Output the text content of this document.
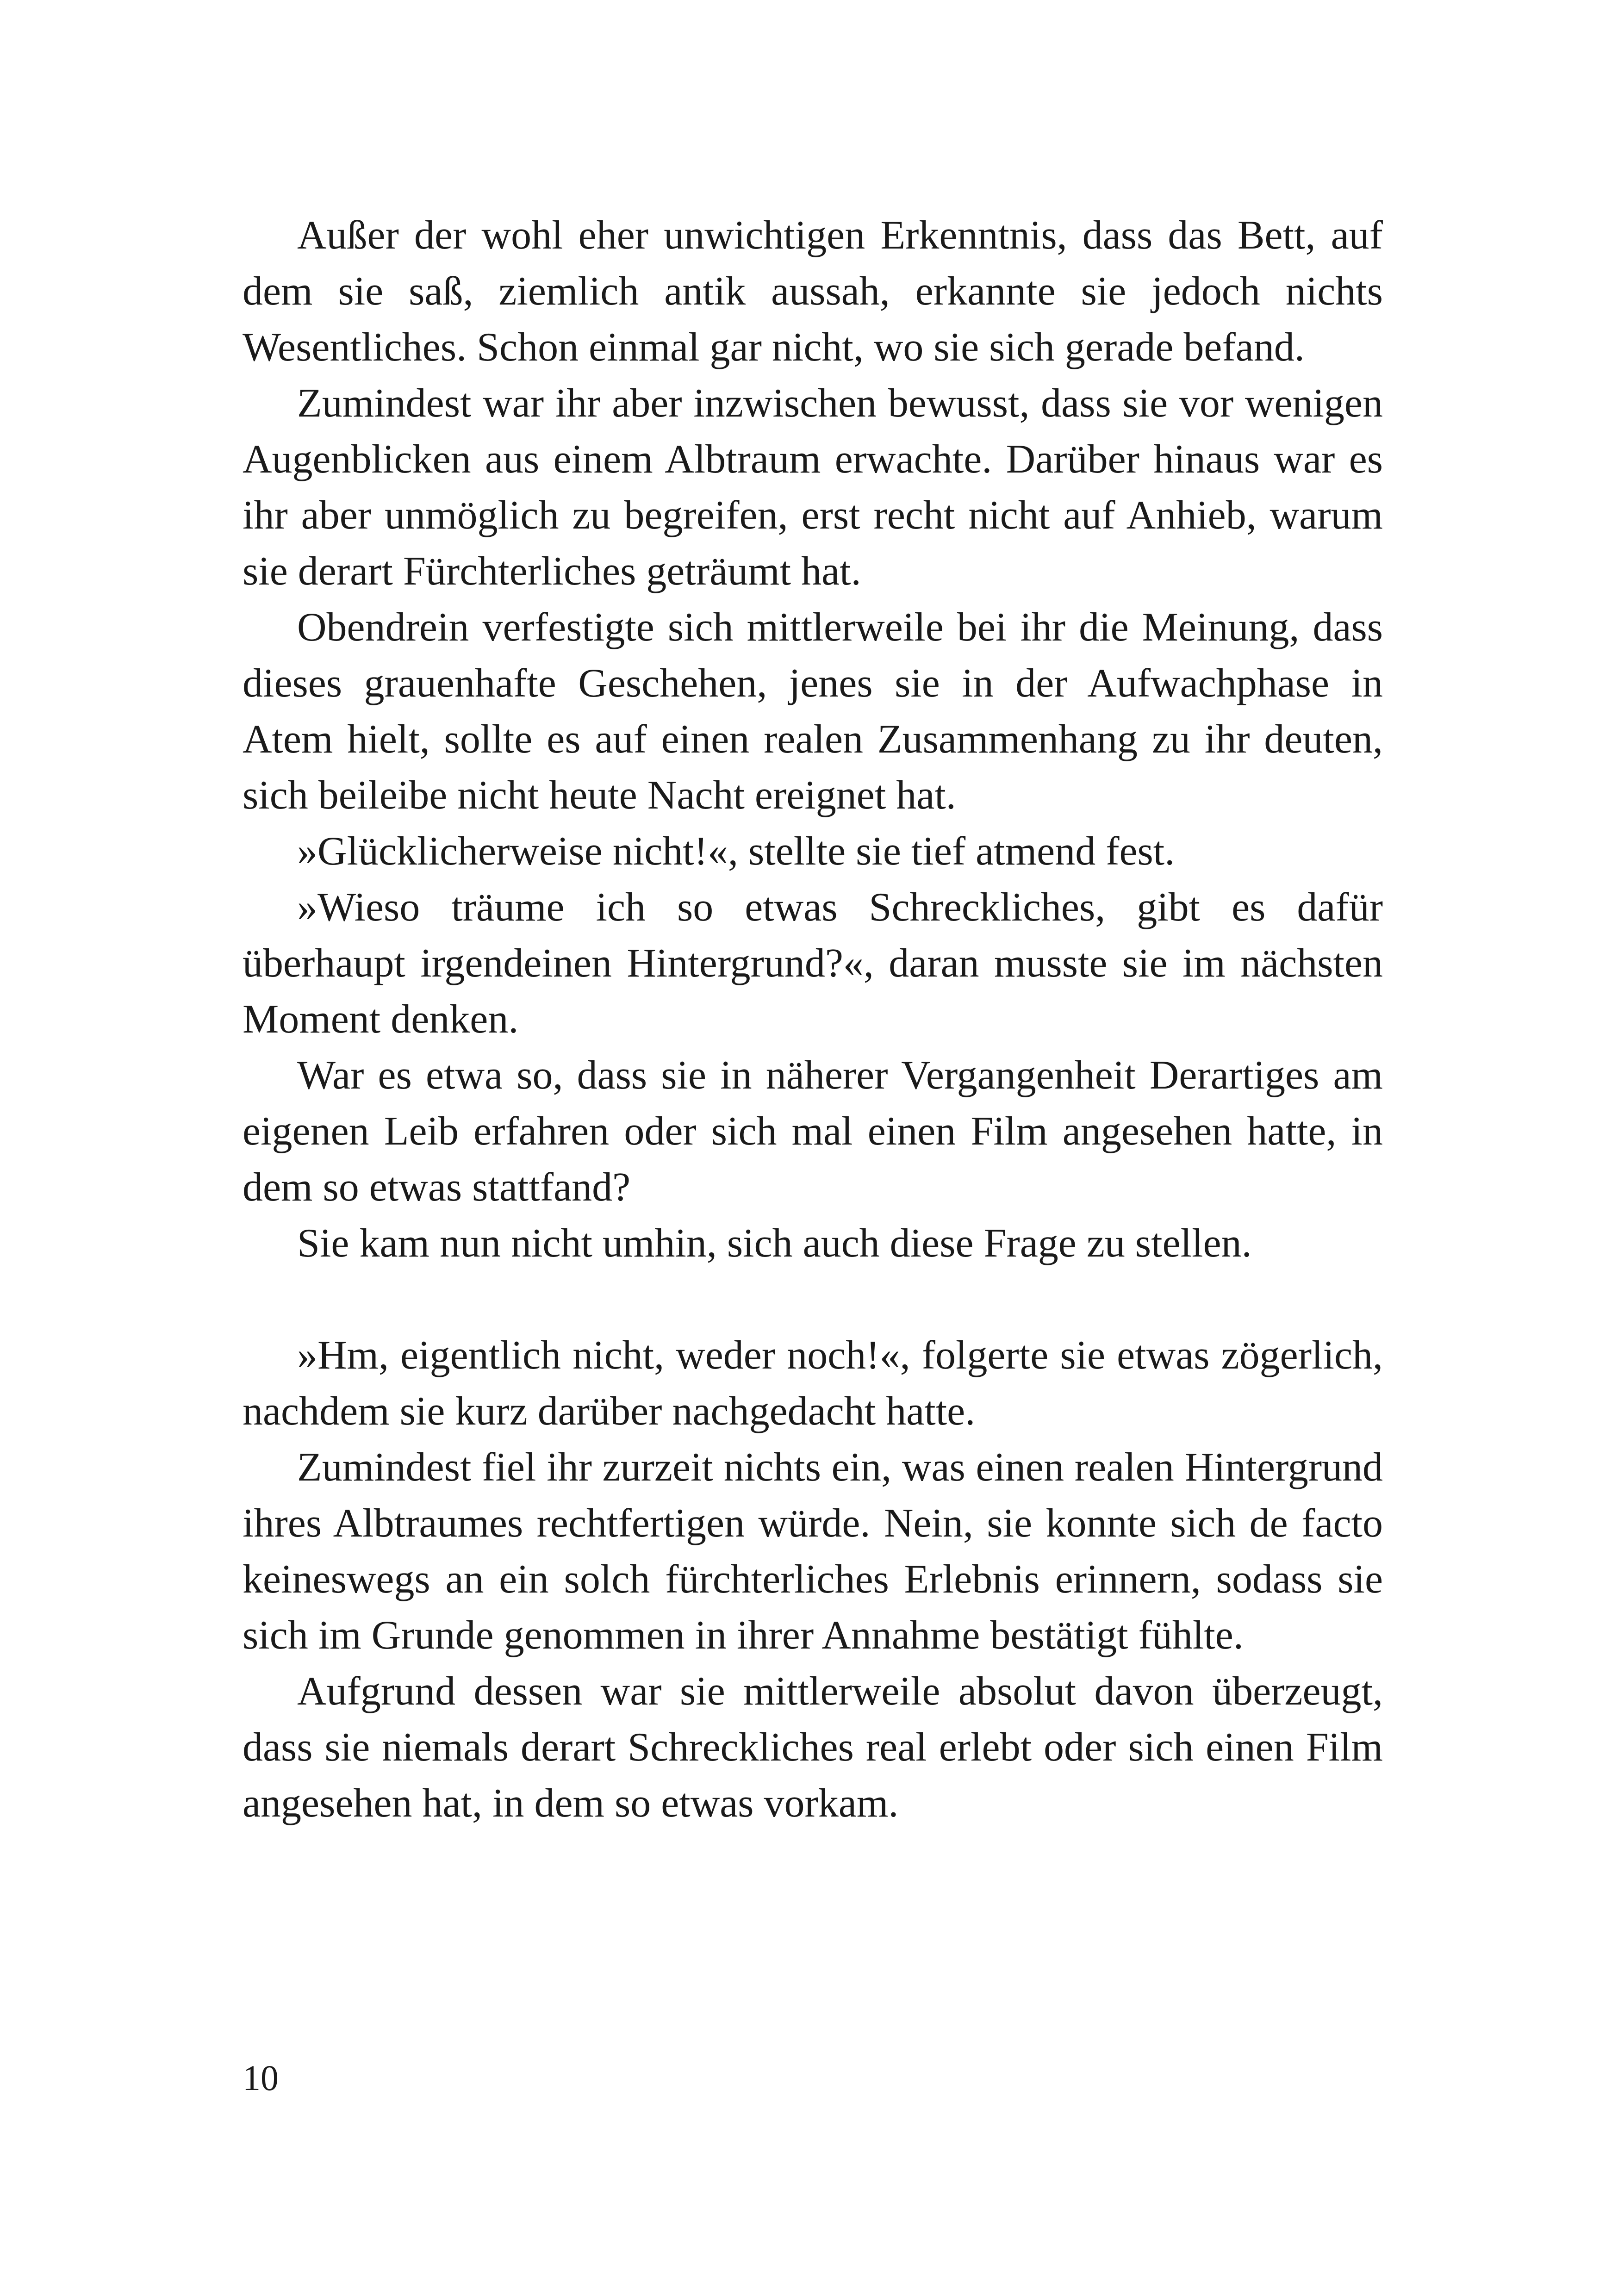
Außer der wohl eher unwichtigen Erkenntnis, dass das Bett, auf dem sie saß, ziemlich antik aussah, erkannte sie jedoch nichts Wesentliches. Schon einmal gar nicht, wo sie sich gerade befand.

Zumindest war ihr aber inzwischen bewusst, dass sie vor wenigen Augenblicken aus einem Albtraum erwachte. Darüber hinaus war es ihr aber unmöglich zu begreifen, erst recht nicht auf Anhieb, warum sie derart Fürchterliches geträumt hat.

Obendrein verfestigte sich mittlerweile bei ihr die Meinung, dass dieses grauenhafte Geschehen, jenes sie in der Aufwachphase in Atem hielt, sollte es auf einen realen Zusammenhang zu ihr deuten, sich beileibe nicht heute Nacht ereignet hat.

»Glücklicherweise nicht!«, stellte sie tief atmend fest.

»Wieso träume ich so etwas Schreckliches, gibt es dafür überhaupt irgendeinen Hintergrund?«, daran musste sie im nächsten Moment denken.

War es etwa so, dass sie in näherer Vergangenheit Derartiges am eigenen Leib erfahren oder sich mal einen Film angesehen hatte, in dem so etwas stattfand?

Sie kam nun nicht umhin, sich auch diese Frage zu stellen.

»Hm, eigentlich nicht, weder noch!«, folgerte sie etwas zögerlich, nachdem sie kurz darüber nachgedacht hatte.

Zumindest fiel ihr zurzeit nichts ein, was einen realen Hintergrund ihres Albtraumes rechtfertigen würde. Nein, sie konnte sich de facto keineswegs an ein solch fürchterliches Erlebnis erinnern, sodass sie sich im Grunde genommen in ihrer Annahme bestätigt fühlte.

Aufgrund dessen war sie mittlerweile absolut davon überzeugt, dass sie niemals derart Schreckliches real erlebt oder sich einen Film angesehen hat, in dem so etwas vorkam.

10
